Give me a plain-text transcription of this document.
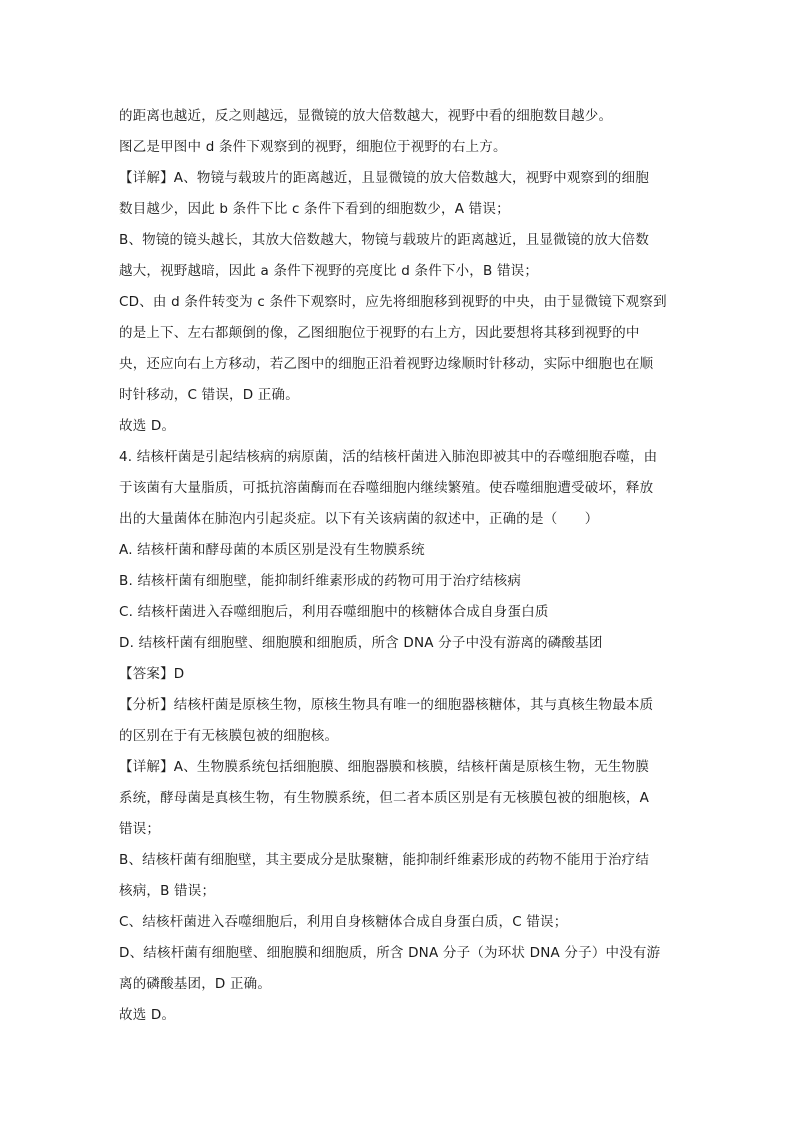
的距离也越近，反之则越远，显微镜的放大倍数越大，视野中看的细胞数目越少。
图乙是甲图中 d 条件下观察到的视野，细胞位于视野的右上方。
【详解】A、物镜与载玻片的距离越近，且显微镜的放大倍数越大，视野中观察到的细胞
数目越少，因此 b 条件下比 c 条件下看到的细胞数少，A 错误；
B、物镜的镜头越长，其放大倍数越大，物镜与载玻片的距离越近，且显微镜的放大倍数
越大，视野越暗，因此 a 条件下视野的亮度比 d 条件下小，B 错误；
CD、由 d 条件转变为 c 条件下观察时，应先将细胞移到视野的中央，由于显微镜下观察到
的是上下、左右都颠倒的像，乙图细胞位于视野的右上方，因此要想将其移到视野的中
央，还应向右上方移动，若乙图中的细胞正沿着视野边缘顺时针移动，实际中细胞也在顺
时针移动，C 错误，D 正确。
故选 D。
4. 结核杆菌是引起结核病的病原菌，活的结核杆菌进入肺泡即被其中的吞噬细胞吞噬，由
于该菌有大量脂质，可抵抗溶菌酶而在吞噬细胞内继续繁殖。使吞噬细胞遭受破坏，释放
出的大量菌体在肺泡内引起炎症。以下有关该病菌的叙述中，正确的是（　　）
A. 结核杆菌和酵母菌的本质区别是没有生物膜系统
B. 结核杆菌有细胞壁，能抑制纤维素形成的药物可用于治疗结核病
C. 结核杆菌进入吞噬细胞后，利用吞噬细胞中的核糖体合成自身蛋白质
D. 结核杆菌有细胞壁、细胞膜和细胞质，所含 DNA 分子中没有游离的磷酸基团
【答案】D
【分析】结核杆菌是原核生物，原核生物具有唯一的细胞器核糖体，其与真核生物最本质
的区别在于有无核膜包被的细胞核。
【详解】A、生物膜系统包括细胞膜、细胞器膜和核膜，结核杆菌是原核生物，无生物膜
系统，酵母菌是真核生物，有生物膜系统，但二者本质区别是有无核膜包被的细胞核，A
错误；
B、结核杆菌有细胞壁，其主要成分是肽聚糖，能抑制纤维素形成的药物不能用于治疗结
核病，B 错误；
C、结核杆菌进入吞噬细胞后，利用自身核糖体合成自身蛋白质，C 错误；
D、结核杆菌有细胞壁、细胞膜和细胞质，所含 DNA 分子（为环状 DNA 分子）中没有游
离的磷酸基团，D 正确。
故选 D。
